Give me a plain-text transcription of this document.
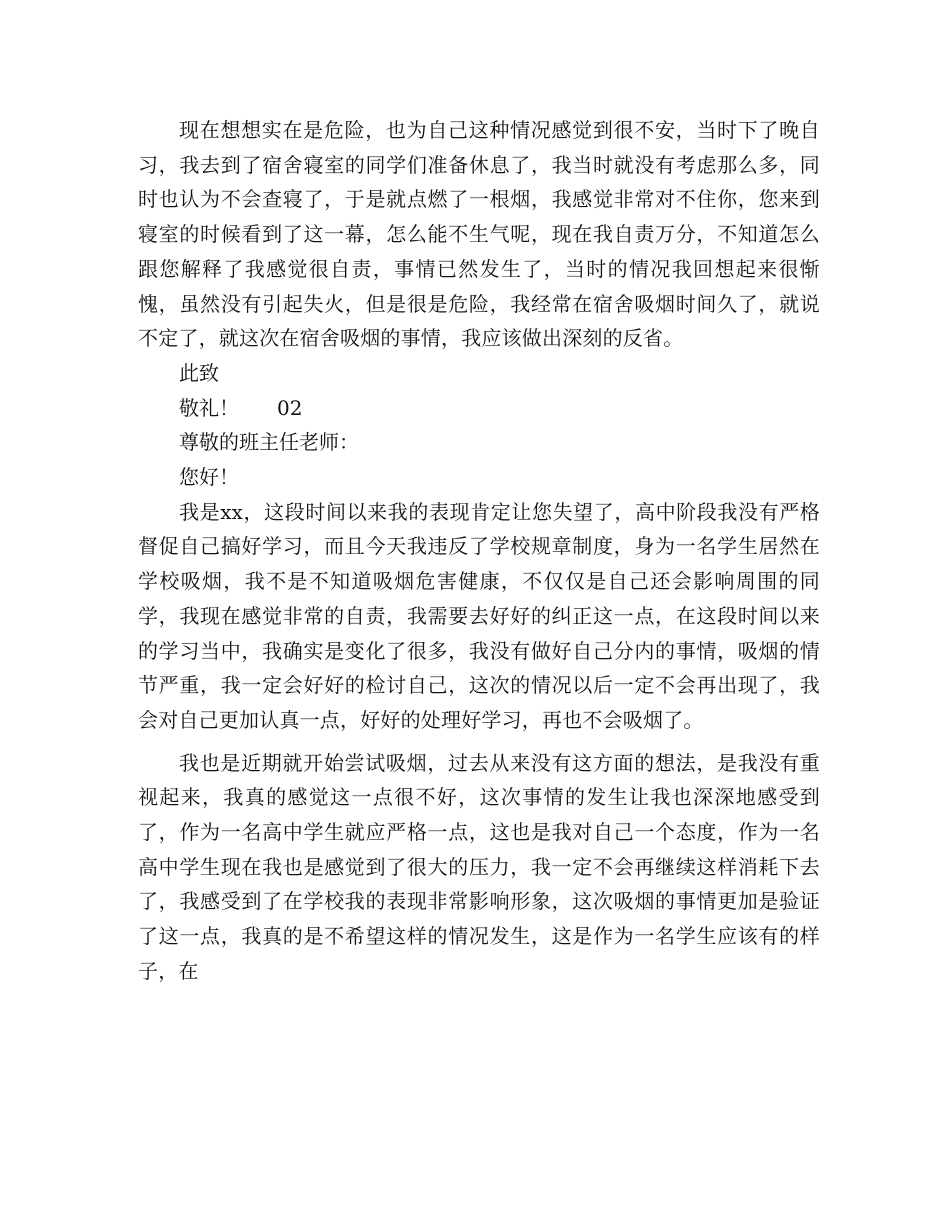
现在想想实在是危险，也为自己这种情况感觉到很不安，当时下了晚自习，我去到了宿舍寝室的同学们准备休息了，我当时就没有考虑那么多，同时也认为不会查寝了，于是就点燃了一根烟，我感觉非常对不住你，您来到寝室的时候看到了这一幕，怎么能不生气呢，现在我自责万分，不知道怎么跟您解释了我感觉很自责，事情已然发生了，当时的情况我回想起来很惭愧，虽然没有引起失火，但是很是危险，我经常在宿舍吸烟时间久了，就说不定了，就这次在宿舍吸烟的事情，我应该做出深刻的反省。

此致

敬礼！ 02

尊敬的班主任老师：

您好！

我是xx，这段时间以来我的表现肯定让您失望了，高中阶段我没有严格督促自己搞好学习，而且今天我违反了学校规章制度，身为一名学生居然在学校吸烟，我不是不知道吸烟危害健康，不仅仅是自己还会影响周围的同学，我现在感觉非常的自责，我需要去好好的纠正这一点，在这段时间以来的学习当中，我确实是变化了很多，我没有做好自己分内的事情，吸烟的情节严重，我一定会好好的检讨自己，这次的情况以后一定不会再出现了，我会对自己更加认真一点，好好的处理好学习，再也不会吸烟了。

我也是近期就开始尝试吸烟，过去从来没有这方面的想法，是我没有重视起来，我真的感觉这一点很不好，这次事情的发生让我也深深地感受到了，作为一名高中学生就应严格一点，这也是我对自己一个态度，作为一名高中学生现在我也是感觉到了很大的压力，我一定不会再继续这样消耗下去了，我感受到了在学校我的表现非常影响形象，这次吸烟的事情更加是验证了这一点，我真的是不希望这样的情况发生，这是作为一名学生应该有的样子，在
